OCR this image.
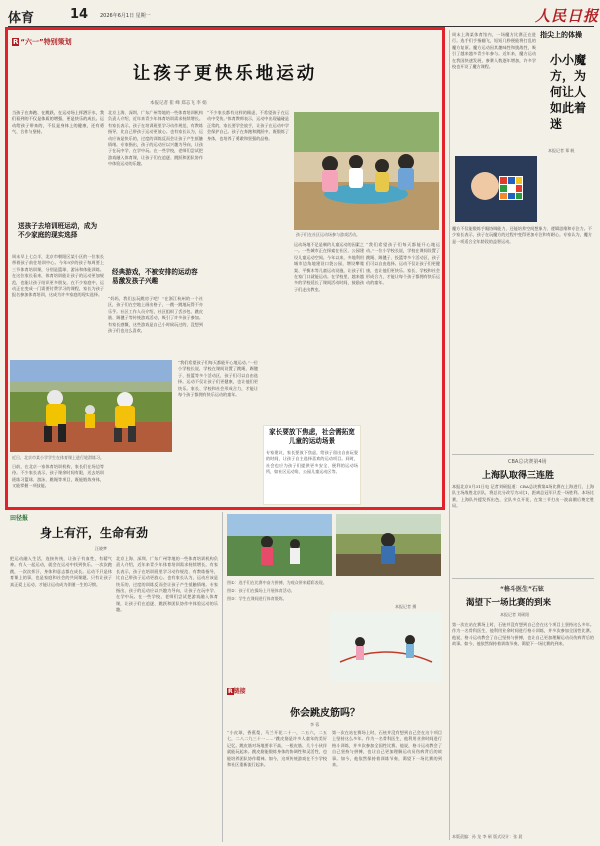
体育	14 2026年6月1日 星期一	人民日报
R “六一”特别策划
让孩子更快乐地运动
本报记者 崔 峰 郑志飞 李 娟
当孩子在奔跑、在跳跃，在运动场上挥洒汗水，我们看到的不仅是体质的增强，更是快乐的成长。运动给孩子带来的，不仅是身体上的健康，还有勇气、合作与坚持。
送孩子去培训班运动，成为不少家庭的现实选择
周末早上七点半，北京市朝阳区某小区的一位家长带着孩子前往培训中心。今年9岁的孩子每周要上三节体育培训课，分别是篮球、游泳和体能训练。在这位家长看来，体育培训能让孩子的运动更加规范，也能让孩子结识更多朋友。在不少家庭中，运动正在变成一门需要付费学习的课程，家长为孩子报名参加体育培训，这成为许多家庭的现实选择。
近日，北京市某小学学生在体育课上进行轮滑练习。
日前，在北京一家体育培训机构，家长们在场边等待。不少家长表示，孩子课余时间有限，送去培训班练习篮球、游泳、跳绳等项目，既能锻炼身体，又能掌握一项技能。
北京上海、深圳、广东广州等地的一些体育培训机构负责人介绍，近年来青少年体育培训需求持续增长。有家长表示，孩子在培训班里学习动作规范、有教练指导，比自己带孩子运动更放心。也有家长认为，运动应该是快乐的，过度的训练反而会让孩子产生抵触情绪。专家指出，孩子的运动应以兴趣为导向，让孩子在玩中学、在学中玩。在一些学校，老师们尝试把游戏融入体育课，让孩子们在追逐、跳跃和团队协作中体验运动的乐趣。
经典游戏，不被安排的运动容易激发孩子兴趣
“妈妈，我们去玩跳房子吧！”在浙江杭州的一个社区，孩子们在空地上画出格子，一跳一跳地玩得不亦乐乎。社区工作人员介绍，社区组织了丢沙包、跳皮筋、踢毽子等传统游戏活动，吸引了许多孩子参加。有家长感慨，这些游戏是自己小时候玩过的，没想到孩子们也这么喜欢。
“我们希望孩子们每天都能开心地运动。”一位小学校长说，学校在课间设置了跳绳、踢毽子、投篮等多个活动区，孩子们可以自由选择。运动不仅让孩子们更健康，也让他们更快乐。家长、学校和社会形成合力，才能让每个孩子都拥有快乐运动的童年。
“不少家长都有这样的顾虑，不希望孩子在运动中受伤。”体育教师表示，运动中出现磕碰是正常的，家长要学会放手，让孩子在运动中学会保护自己。孩子在奔跑和跳跃中，既锻炼了身体，也培养了勇敢和坚强的品格。
孩子们在社区运动场参与游戏活动。
运动场地不足是制约儿童运动的因素之一。一些城市正在探索在社区、公园建设儿童运动空间。今年以来，多地利用城市边角地建设口袋公园，增设攀爬架、平衡木等儿童运动设施，让孩子们在家门口就能运动。在学校里，越来越多的学校延长了课间活动时间，鼓励孩子们走出教室。
家长要放下焦虑，社会需拓宽儿童的运动场景
专家建议，家长要放下焦虑，给孩子留出自由玩耍的时间，让孩子自主选择喜欢的运动项目。同时，社会也应为孩子们提供更多安全、便利的运动场所，如社区运动角、公园儿童运动区等。
“我们希望孩子们每天都能开心地运动。”一位小学校长说，学校在课间设置了跳绳、踢毽子、投篮等多个活动区，孩子们可以自由选择。运动不仅让孩子们更健康，也让他们更快乐。家长、学校和社会形成合力，才能让每个孩子都拥有快乐运动的童年。
指尖上的体操
小小魔方，为何让人如此着迷
本报记者 郑 帆
周末上海某体育馆内，一场魔方比赛正在进行。选手们手指翻飞，短短几秒便能将打乱的魔方复原。魔方运动因其趣味性和挑战性，吸引了越来越多青少年参与。近年来，魔方运动在我国快速发展，参赛人数逐年增加，许多学校也开设了魔方课程。
魔方不仅能锻炼手眼协调能力，还能培养空间想象力、逻辑思维和专注力。不少家长表示，孩子在玩魔方的过程中变得更加专注和有耐心。专家认为，魔方是一项适合全年龄段的益智运动。
CBA总决赛第4场
上海队取得三连胜
本报北京5月31日电 记者刘硕报道：CBA总决赛第4场比赛在上海进行，上海队主场战胜北京队，将总比分改写为3比1，距离总冠军只差一场胜利。本场比赛，上海队外援发挥出色，全队多点开花，在第三节打出一波高潮后奠定胜局。
“格斗医生”石铉
渴望下一场比赛的到来
本报记者 刘硕阳
第一次在站在赛场上时，石铉并没有想到自己会在这个项目上坚持这么多年。作为一名骨科医生，他利用业余时间进行格斗训练，并多次参加全国性比赛。他说，格斗运动教会了自己坚持与拼搏，也让自己更加理解运动员伤病背后的故事。如今，他依然保持着训练节奏，渴望下一场比赛的到来。
田径报
身上有汗，生命有劲
汪晓梦
把运动融入生活，连接传统，让孩子有血性，有精气神。有人一起运动，就会在运动中找到快乐。一次次跑跳，一次次挥汗，身体和意志都在成长。运动不只是体育课上的事，也是家庭和社会的共同课题。只有让孩子真正爱上运动，才能让运动成为伴随一生的习惯。
北京上海、深圳、广东广州等地的一些体育培训机构负责人介绍，近年来青少年体育培训需求持续增长。有家长表示，孩子在培训班里学习动作规范、有教练指导，比自己带孩子运动更放心。也有家长认为，运动应该是快乐的，过度的训练反而会让孩子产生抵触情绪。专家指出，孩子的运动应以兴趣为导向，让孩子在玩中学、在学中玩。在一些学校，老师们尝试把游戏融入体育课，让孩子们在追逐、跳跃和团队协作中体验运动的乐趣。
图①：选手们在比赛中奋力拼搏，为观众带来精彩表现。
图②：孩子们在操场上开展体育活动。
图③：学生在课间进行体育锻炼。
本报记者 摄
R链接
你会跳皮筋吗？
李 蓉
“小皮球，香蕉梨，马兰开花二十一，二五六，二五七，二八二九三十一……”跳皮筋是许多人童年的美好记忆。跳皮筋对场地要求不高，一根皮筋、几个小伙伴就能玩起来。跳皮筋能锻炼身体的协调性和灵活性，也能培养团队协作精神。如今，这项传统游戏在不少学校和社区重新流行起来。
第一次在站在赛场上时，石铉并没有想到自己会在这个项目上坚持这么多年。作为一名骨科医生，他利用业余时间进行格斗训练，并多次参加全国性比赛。他说，格斗运动教会了自己坚持与拼搏，也让自己更加理解运动员伤病背后的故事。如今，他依然保持着训练节奏，渴望下一场比赛的到来。
本版责编：孙 龙 李 硕 版式设计：张 晨
